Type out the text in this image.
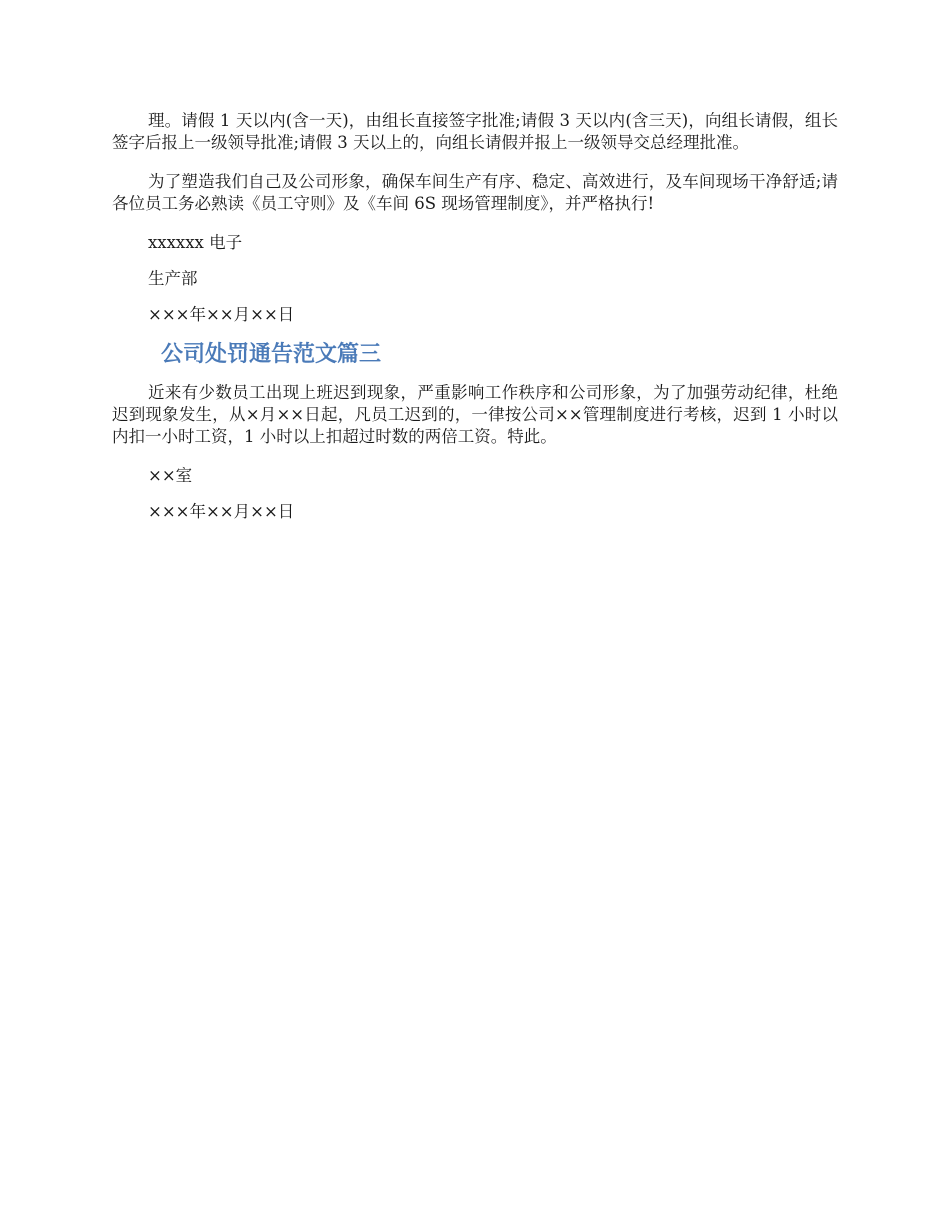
理。请假 1 天以内(含一天)，由组长直接签字批准;请假 3 天以内(含三天)，向组长请假，组长签字后报上一级领导批准;请假 3 天以上的，向组长请假并报上一级领导交总经理批准。

为了塑造我们自己及公司形象，确保车间生产有序、稳定、高效进行，及车间现场干净舒适;请各位员工务必熟读《员工守则》及《车间 6S 现场管理制度》，并严格执行!

xxxxxx 电子

生产部

×××年××月××日

公司处罚通告范文篇三

近来有少数员工出现上班迟到现象，严重影响工作秩序和公司形象，为了加强劳动纪律，杜绝迟到现象发生，从×月××日起，凡员工迟到的，一律按公司××管理制度进行考核，迟到 1 小时以内扣一小时工资，1 小时以上扣超过时数的两倍工资。特此。

××室

×××年××月××日
